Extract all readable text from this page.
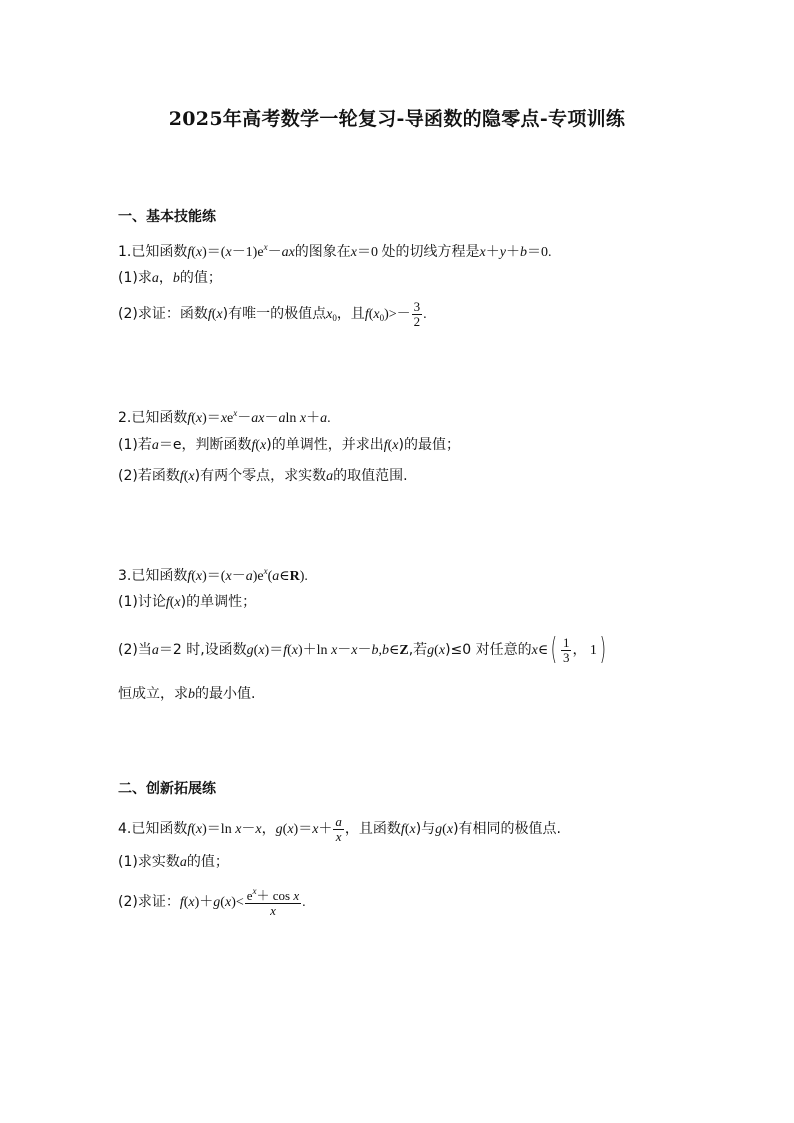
2025年高考数学一轮复习-导函数的隐零点-专项训练
一、基本技能练
1.已知函数$f(x)=(x-1)e^x-ax$的图象在x＝0 处的切线方程是x＋y＋b＝0.
(1)求a，b的值；
(2)求证：函数f(x)有唯一的极值点$x_0$，且$f(x_0)>- \frac{3}{2}$ .
2.已知函数$f(x)=xe^x-ax-aln$ x＋a.
(1)若a＝e，判断函数f(x)的单调性，并求出f(x)的最值；
(2)若函数f(x)有两个零点，求实数a的取值范围.
3.已知函数$f(x)=(x-a)e^x(a\in R)$.
(1)讨论f(x)的单调性；
(2)当a＝2 时,设函数g(x)＝f(x)＋ln x－x－b,b∈Z,若g(x)≤0 对任意的x∈( $\frac{1}{3}$ ， 1)
恒成立，求b的最小值.
二、创新拓展练
4.已知函数f(x)＝ln x－x，$g(x)=x+ \frac{a}{x}$ ，且函数f(x)与g(x)有相同的极值点.
(1)求实数a的值；
(2)求证：$f(x)+g(x)< \frac{e^x+ \cos x}{x}$ .
